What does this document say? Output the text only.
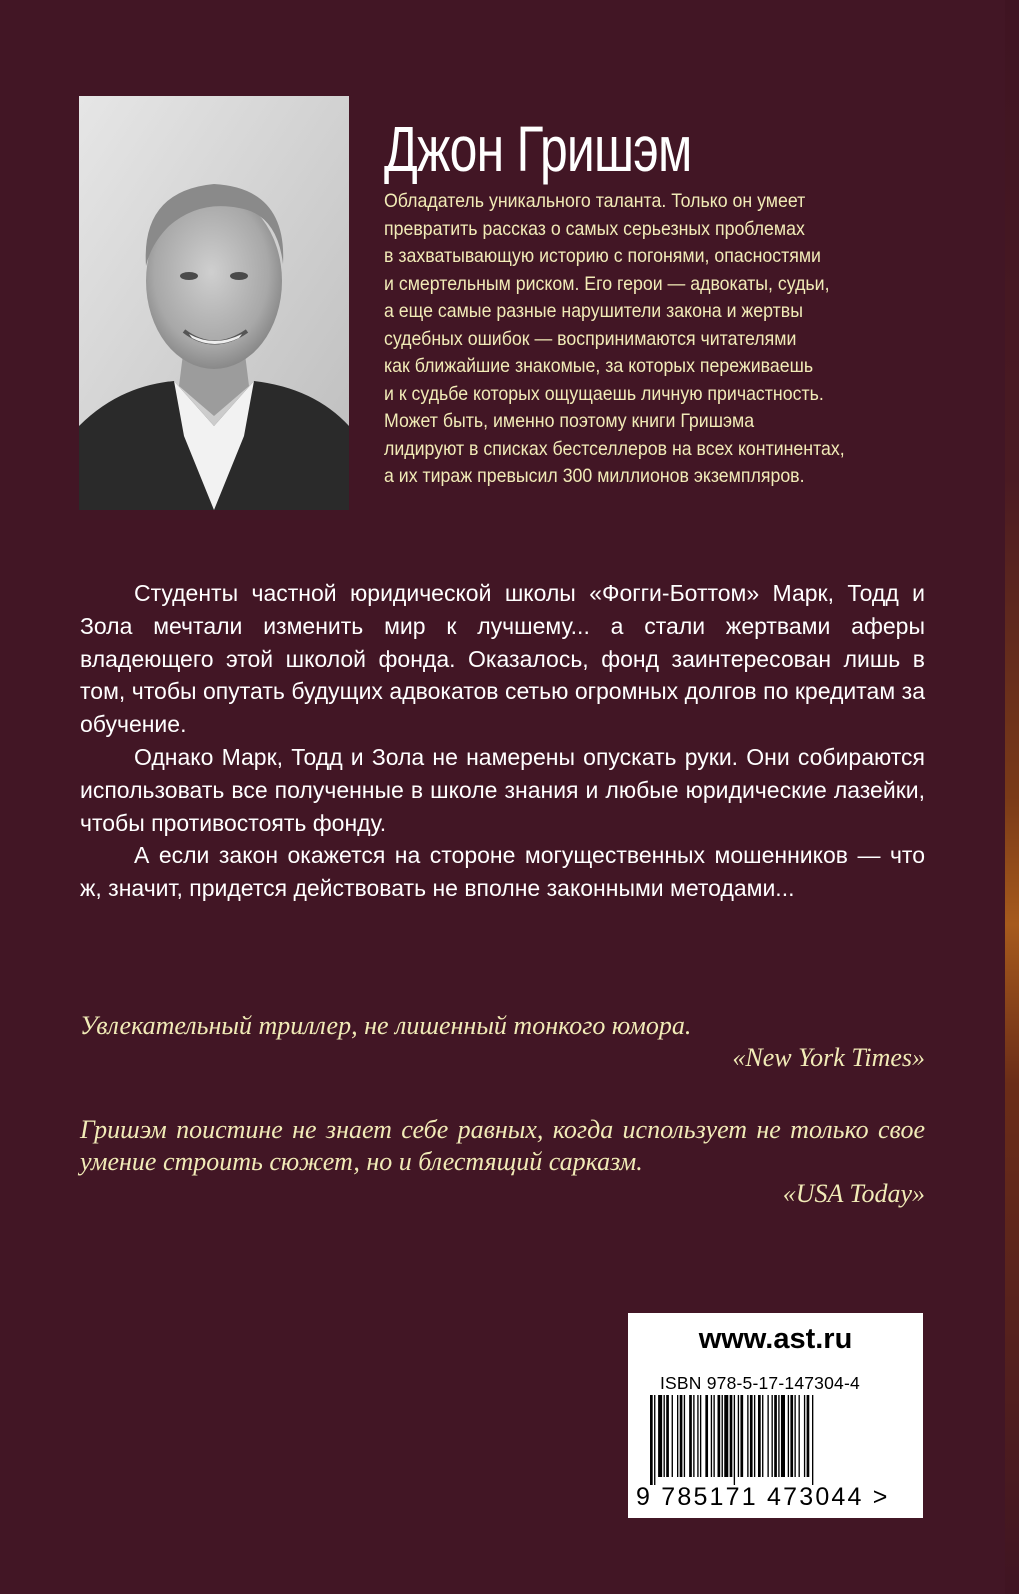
Джон Гришэм
Обладатель уникального таланта. Только он умеет
превратить рассказ о самых серьезных проблемах
в захватывающую историю с погонями, опасностями
и смертельным риском. Его герои — адвокаты, судьи,
а еще самые разные нарушители закона и жертвы
судебных ошибок — воспринимаются читателями
как ближайшие знакомые, за которых переживаешь
и к судьбе которых ощущаешь личную причастность.
Может быть, именно поэтому книги Гришэма
лидируют в списках бестселлеров на всех континентах,
а их тираж превысил 300 миллионов экземпляров.

Студенты частной юридической школы «Фогги-Боттом» Марк, Тодд и Зола мечтали изменить мир к лучшему... а стали жертвами аферы владеющего этой школой фонда. Оказалось, фонд заинтересован лишь в том, чтобы опутать будущих адвокатов сетью огромных долгов по кредитам за обучение.

Однако Марк, Тодд и Зола не намерены опускать руки. Они собираются использовать все полученные в школе знания и любые юридические лазейки, чтобы противостоять фонду.

А если закон окажется на стороне могущественных мошенников — что ж, значит, придется действовать не вполне законными методами...

Увлекательный триллер, не лишенный тонкого юмора.
«New York Times»
Гришэм поистине не знает себе равных, когда использует не только свое умение строить сюжет, но и блестящий сарказм.
«USA Today»
www.ast.ru
ISBN 978-5-17-147304-4
9 785171 473044 >
